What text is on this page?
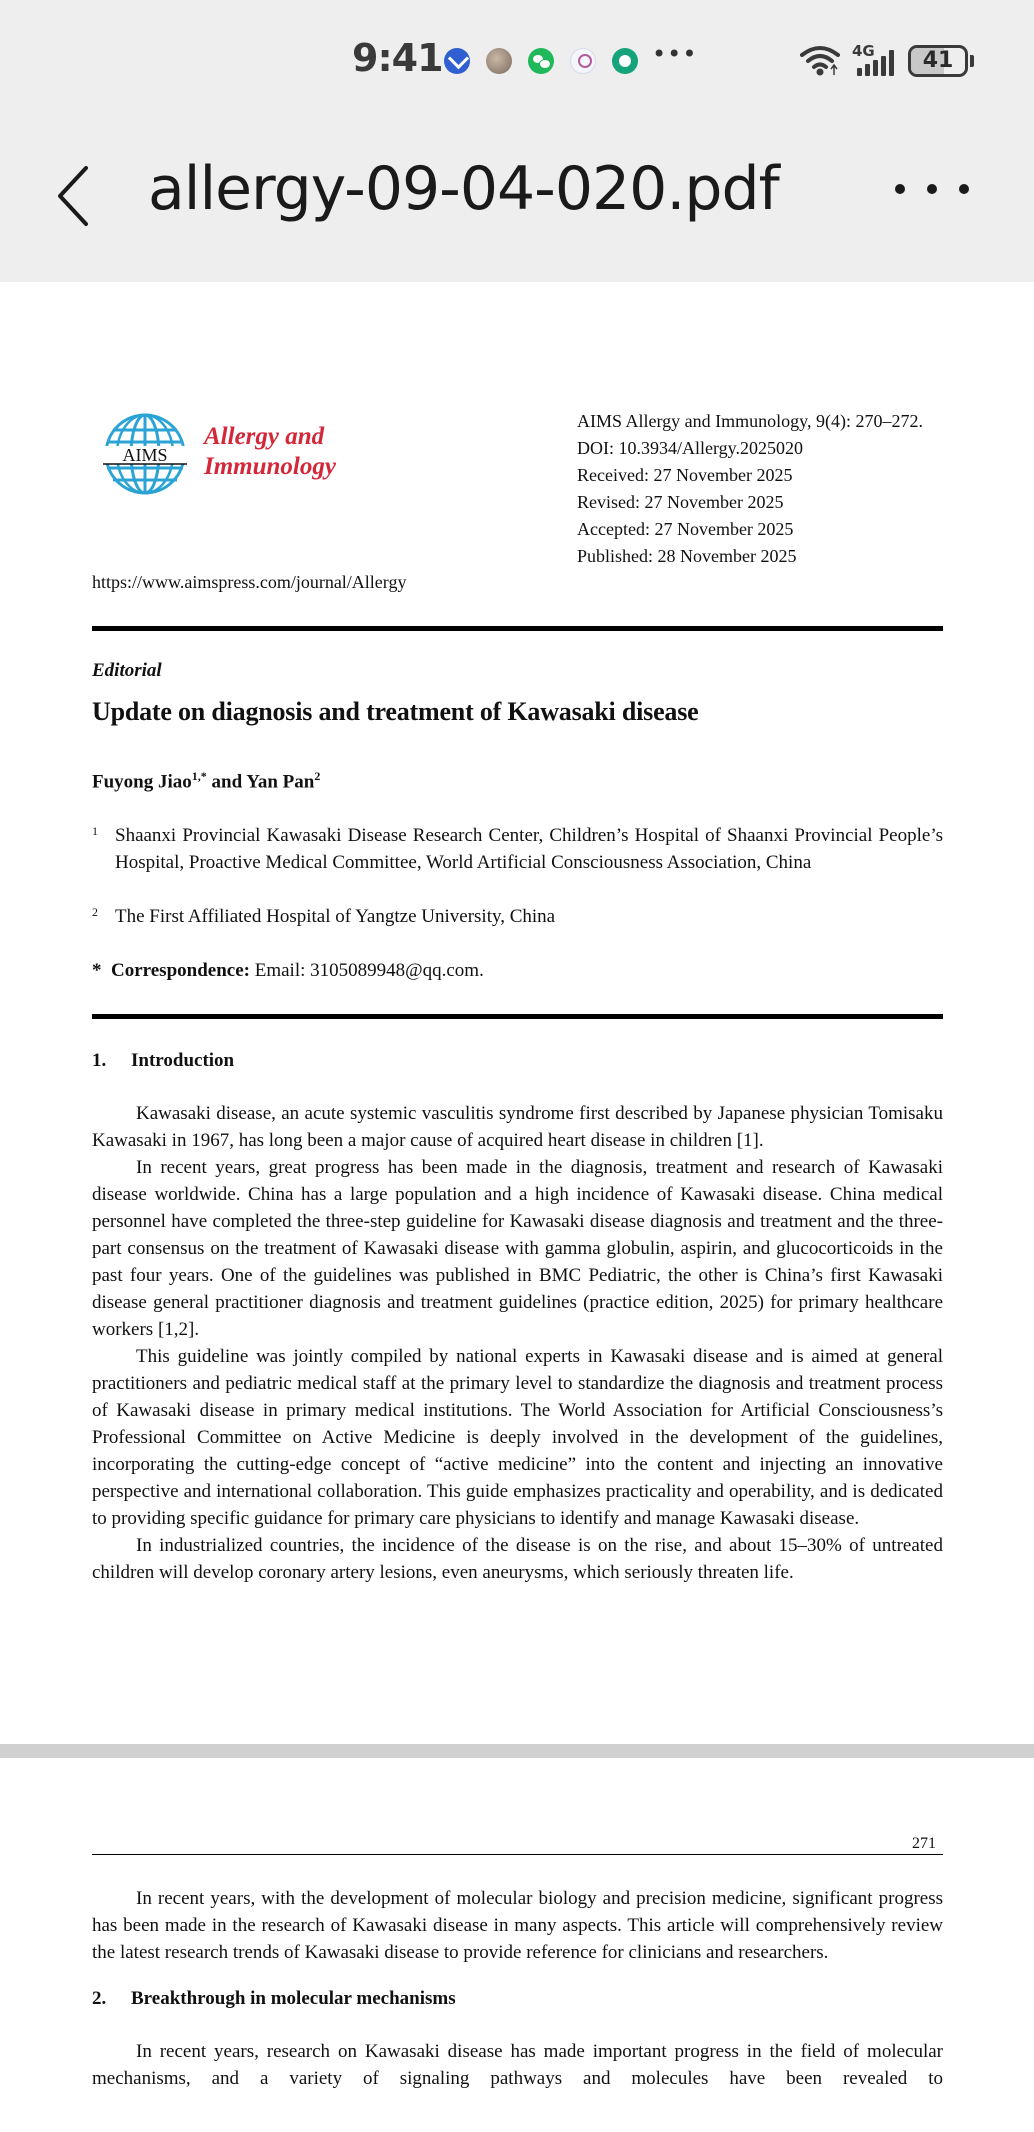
9:41	•••	4G	41
allergy-09-04-020.pdf
AIMS
Allergy and
Immunology
https://www.aimspress.com/journal/Allergy
AIMS Allergy and Immunology, 9(4): 270–272.
DOI: 10.3934/Allergy.2025020
Received: 27 November 2025
Revised: 27 November 2025
Accepted: 27 November 2025
Published: 28 November 2025
Editorial
Update on diagnosis and treatment of Kawasaki disease
Fuyong Jiao$^{1,*}$ and Yan Pan$^2$
1 Shaanxi Provincial Kawasaki Disease Research Center, Children’s Hospital of Shaanxi Provincial People’s Hospital, Proactive Medical Committee, World Artificial Consciousness Association, China
2 The First Affiliated Hospital of Yangtze University, China
* Correspondence: Email: 3105089948@qq.com.
1. Introduction

Kawasaki disease, an acute systemic vasculitis syndrome first described by Japanese physician Tomisaku Kawasaki in 1967, has long been a major cause of acquired heart disease in children [1].

In recent years, great progress has been made in the diagnosis, treatment and research of Kawasaki disease worldwide. China has a large population and a high incidence of Kawasaki disease. China medical personnel have completed the three-step guideline for Kawasaki disease diagnosis and treatment and the three-part consensus on the treatment of Kawasaki disease with gamma globulin, aspirin, and glucocorticoids in the past four years. One of the guidelines was published in BMC Pediatric, the other is China’s first Kawasaki disease general practitioner diagnosis and treatment guidelines (practice edition, 2025) for primary healthcare workers [1,2].

This guideline was jointly compiled by national experts in Kawasaki disease and is aimed at general practitioners and pediatric medical staff at the primary level to standardize the diagnosis and treatment process of Kawasaki disease in primary medical institutions. The World Association for Artificial Consciousness’s Professional Committee on Active Medicine is deeply involved in the development of the guidelines, incorporating the cutting-edge concept of “active medicine” into the content and injecting an innovative perspective and international collaboration. This guide emphasizes practicality and operability, and is dedicated to providing specific guidance for primary care physicians to identify and manage Kawasaki disease.

In industrialized countries, the incidence of the disease is on the rise, and about 15–30% of untreated children will develop coronary artery lesions, even aneurysms, which seriously threaten life.

271

In recent years, with the development of molecular biology and precision medicine, significant progress has been made in the research of Kawasaki disease in many aspects. This article will comprehensively review the latest research trends of Kawasaki disease to provide reference for clinicians and researchers.

2. Breakthrough in molecular mechanisms

In recent years, research on Kawasaki disease has made important progress in the field of molecular mechanisms, and a variety of signaling pathways and molecules have been revealed to
